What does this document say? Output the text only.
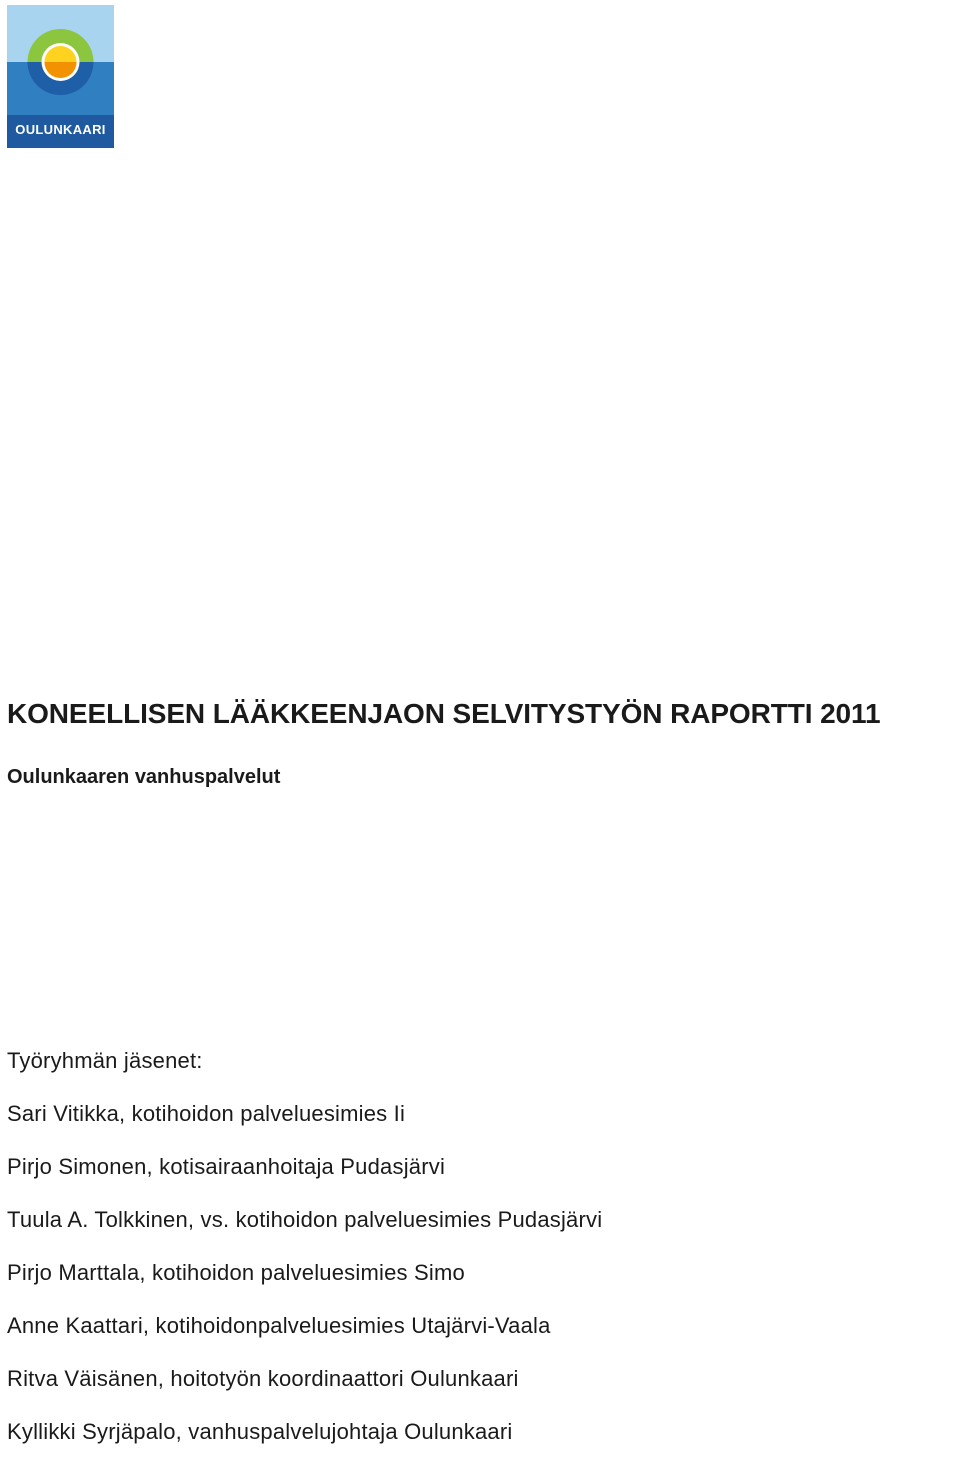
OULUNKAARI
KONEELLISEN LÄÄKKEENJAON SELVITYSTYÖN RAPORTTI 2011
Oulunkaaren vanhuspalvelut
Työryhmän jäsenet:
Sari Vitikka, kotihoidon palveluesimies Ii
Pirjo Simonen, kotisairaanhoitaja Pudasjärvi
Tuula A. Tolkkinen, vs. kotihoidon palveluesimies Pudasjärvi
Pirjo Marttala, kotihoidon palveluesimies Simo
Anne Kaattari, kotihoidonpalveluesimies Utajärvi-Vaala
Ritva Väisänen, hoitotyön koordinaattori Oulunkaari
Kyllikki Syrjäpalo, vanhuspalvelujohtaja Oulunkaari
